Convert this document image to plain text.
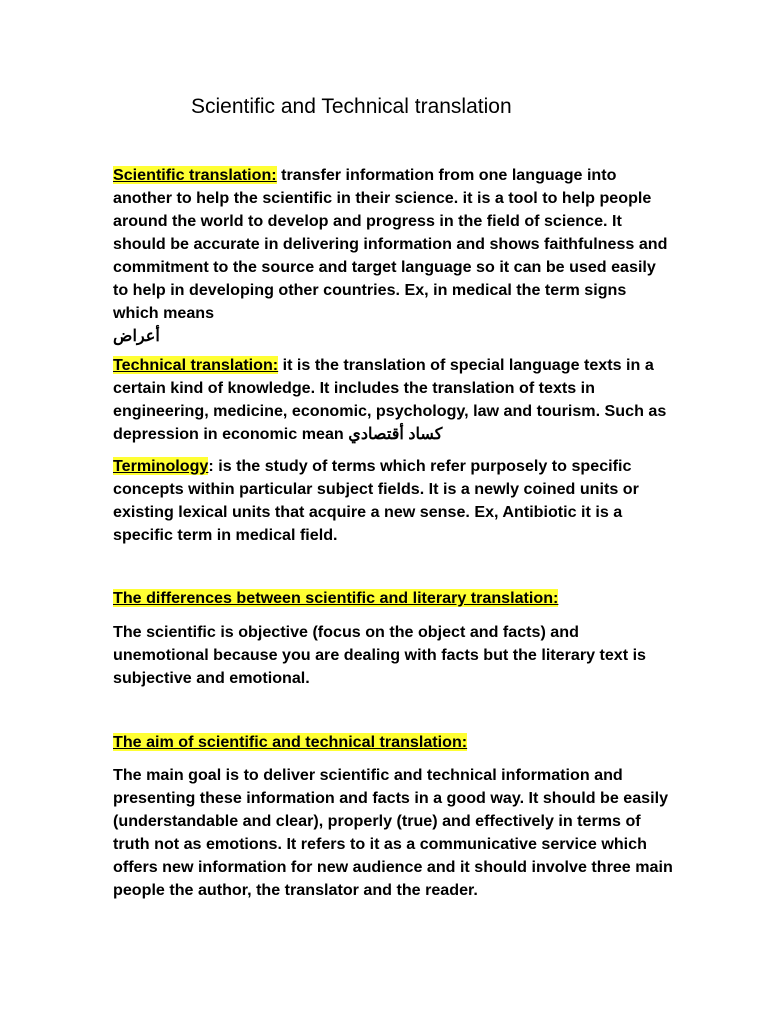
Scientific and Technical translation

Scientific translation: transfer information from one language into another to help the scientific in their science. it is a tool to help people around the world to develop and progress in the field of science. It should be accurate in delivering information and shows faithfulness and commitment to the source and target language so it can be used easily to help in developing other countries. Ex, in medical the term signs which means
أعراض

Technical translation: it is the translation of special language texts in a certain kind of knowledge. It includes the translation of texts in engineering, medicine, economic, psychology, law and tourism. Such as depression in economic mean كساد أقتصادي

Terminology: is the study of terms which refer purposely to specific concepts within particular subject fields. It is a newly coined units or existing lexical units that acquire a new sense. Ex, Antibiotic it is a specific term in medical field.

The differences between scientific and literary translation:

The scientific is objective (focus on the object and facts) and unemotional because you are dealing with facts but the literary text is subjective and emotional.

The aim of scientific and technical translation:

The main goal is to deliver scientific and technical information and presenting these information and facts in a good way. It should be easily (understandable and clear), properly (true) and effectively in terms of truth not as emotions. It refers to it as a communicative service which offers new information for new audience and it should involve three main people the author, the translator and the reader.
